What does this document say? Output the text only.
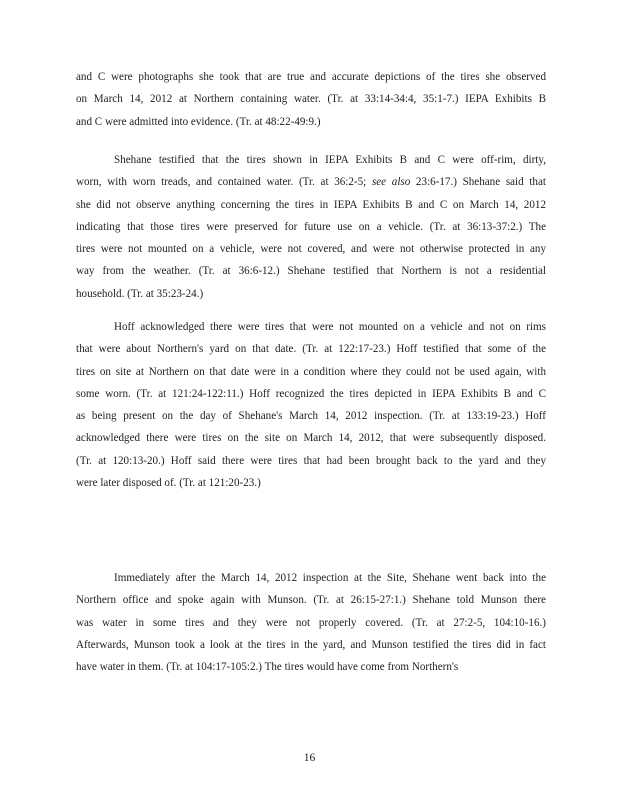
and C were photographs she took that are true and accurate depictions of the tires she observed
on March 14, 2012 at Northern containing water. (Tr. at 33:14-34:4, 35:1-7.) IEPA Exhibits B
and C were admitted into evidence. (Tr. at 48:22-49:9.)

Shehane testified that the tires shown in IEPA Exhibits B and C were off-rim, dirty,
worn, with worn treads, and contained water. (Tr. at 36:2-5; see also 23:6-17.) Shehane said that
she did not observe anything concerning the tires in IEPA Exhibits B and C on March 14, 2012
indicating that those tires were preserved for future use on a vehicle. (Tr. at 36:13-37:2.) The
tires were not mounted on a vehicle, were not covered, and were not otherwise protected in any
way from the weather. (Tr. at 36:6-12.) Shehane testified that Northern is not a residential
household. (Tr. at 35:23-24.)

Hoff acknowledged there were tires that were not mounted on a vehicle and not on rims
that were about Northern's yard on that date. (Tr. at 122:17-23.) Hoff testified that some of the
tires on site at Northern on that date were in a condition where they could not be used again, with
some worn. (Tr. at 121:24-122:11.) Hoff recognized the tires depicted in IEPA Exhibits B and C
as being present on the day of Shehane's March 14, 2012 inspection. (Tr. at 133:19-23.) Hoff
acknowledged there were tires on the site on March 14, 2012, that were subsequently disposed.
(Tr. at 120:13-20.) Hoff said there were tires that had been brought back to the yard and they
were later disposed of. (Tr. at 121:20-23.)

Immediately after the March 14, 2012 inspection at the Site, Shehane went back into the
Northern office and spoke again with Munson. (Tr. at 26:15-27:1.) Shehane told Munson there
was water in some tires and they were not properly covered. (Tr. at 27:2-5, 104:10-16.)
Afterwards, Munson took a look at the tires in the yard, and Munson testified the tires did in fact
have water in them. (Tr. at 104:17-105:2.) The tires would have come from Northern's

16
